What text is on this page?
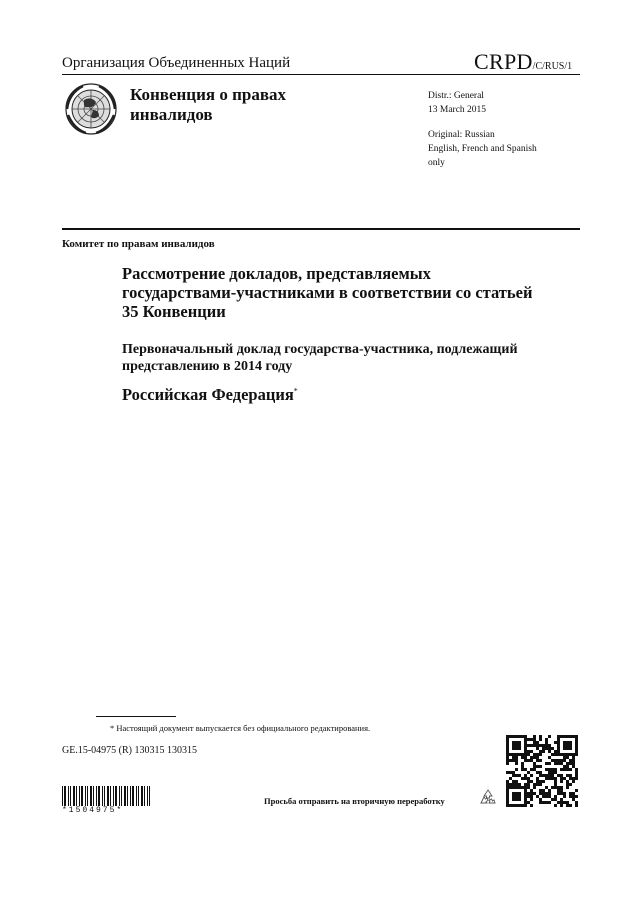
Организация Объединенных Наций	CRPD/C/RUS/1
Конвенция о правах инвалидов
Distr.: General
13 March 2015
Original: Russian
English, French and Spanish only
Комитет по правам инвалидов
Рассмотрение докладов, представляемых государствами-участниками в соответствии со статьей 35 Конвенции
Первоначальный доклад государства-участника, подлежащий представлению в 2014 году
Российская Федерация*
* Настоящий документ выпускается без официального редактирования.
GE.15-04975 (R) 130315 130315
*1504975*
Просьба отправить на вторичную переработку
